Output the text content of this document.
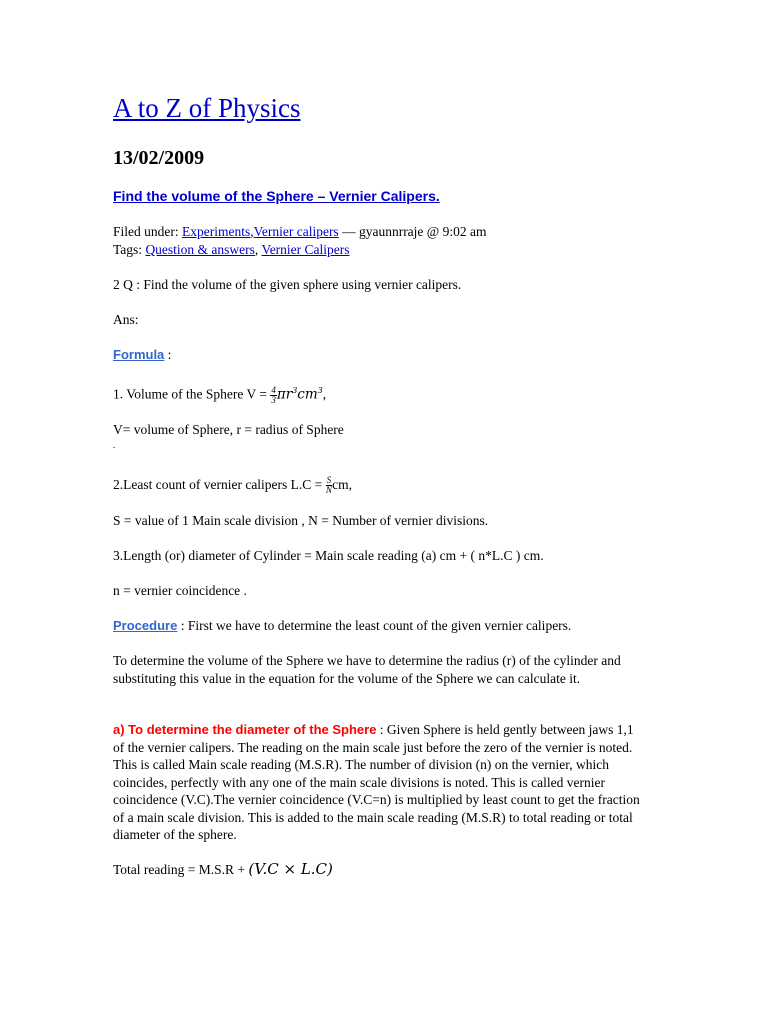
A to Z of Physics
13/02/2009
Find the volume of the Sphere – Vernier Calipers.
Filed under: Experiments,Vernier calipers — gyaunnrraje @ 9:02 am
Tags: Question & answers, Vernier Calipers
2 Q : Find the volume of the given sphere using vernier calipers.
Ans:
Formula :
1. Volume of the Sphere $V = \frac{4}{3} \pi r^3cm^3$,
V= volume of Sphere, r = radius of Sphere
.
2.Least count of vernier calipers $L.C = \frac{S}{N}$ cm,
S = value of 1 Main scale division , N = Number of vernier divisions.
3.Length (or) diameter of Cylinder = Main scale reading (a) cm + ( n*L.C ) cm.
n = vernier coincidence .
Procedure : First we have to determine the least count of the given vernier calipers.
To determine the volume of the Sphere we have to determine the radius (r) of the cylinder and substituting this value in the equation for the volume of the Sphere we can calculate it.
a) To determine the diameter of the Sphere : Given Sphere is held gently between jaws 1,1 of the vernier calipers. The reading on the main scale just before the zero of the vernier is noted. This is called Main scale reading (M.S.R). The number of division (n) on the vernier, which coincides, perfectly with any one of the main scale divisions is noted. This is called vernier coincidence (V.C).The vernier coincidence (V.C=n) is multiplied by least count to get the fraction of a main scale division. This is added to the main scale reading (M.S.R) to total reading or total diameter of the sphere.
Total reading = M.S.R + (V.C × L.C)
